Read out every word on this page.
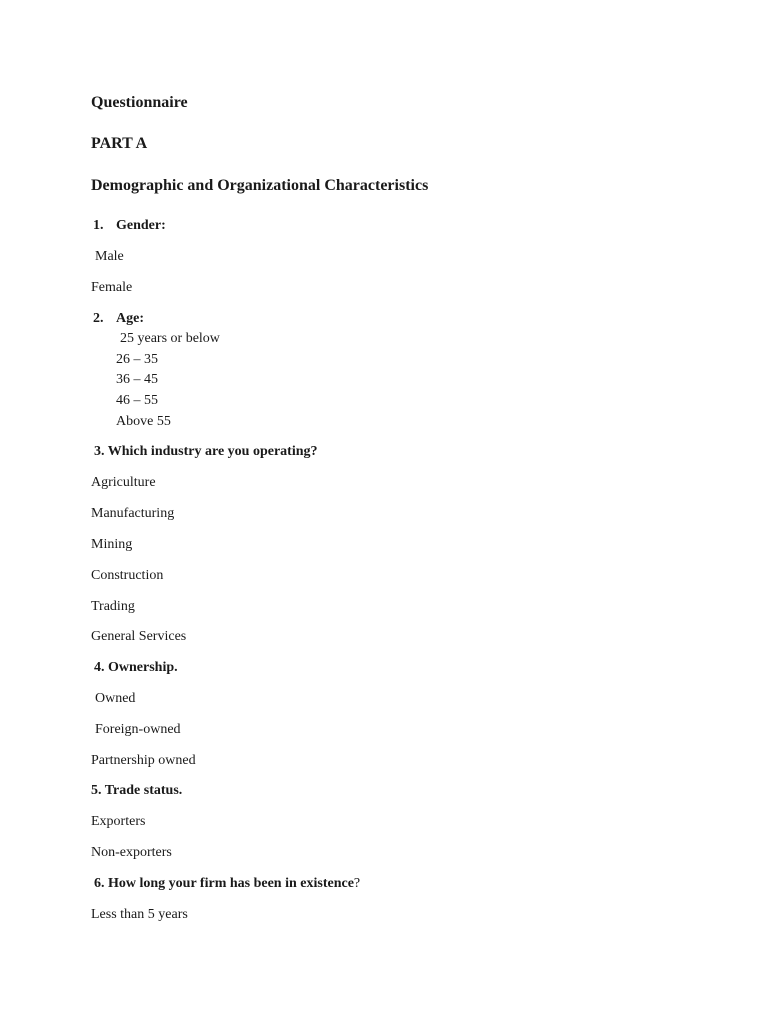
Questionnaire

PART A

Demographic and Organizational Characteristics

1. Gender:

Male

Female

2. Age:

25 years or below

26 – 35

36 – 45

46 – 55

Above 55

3. Which industry are you operating?

Agriculture

Manufacturing

Mining

Construction

Trading

General Services

4. Ownership.

Owned

Foreign-owned

Partnership owned

5. Trade status.

Exporters

Non-exporters

6. How long your firm has been in existence?

Less than 5 years
